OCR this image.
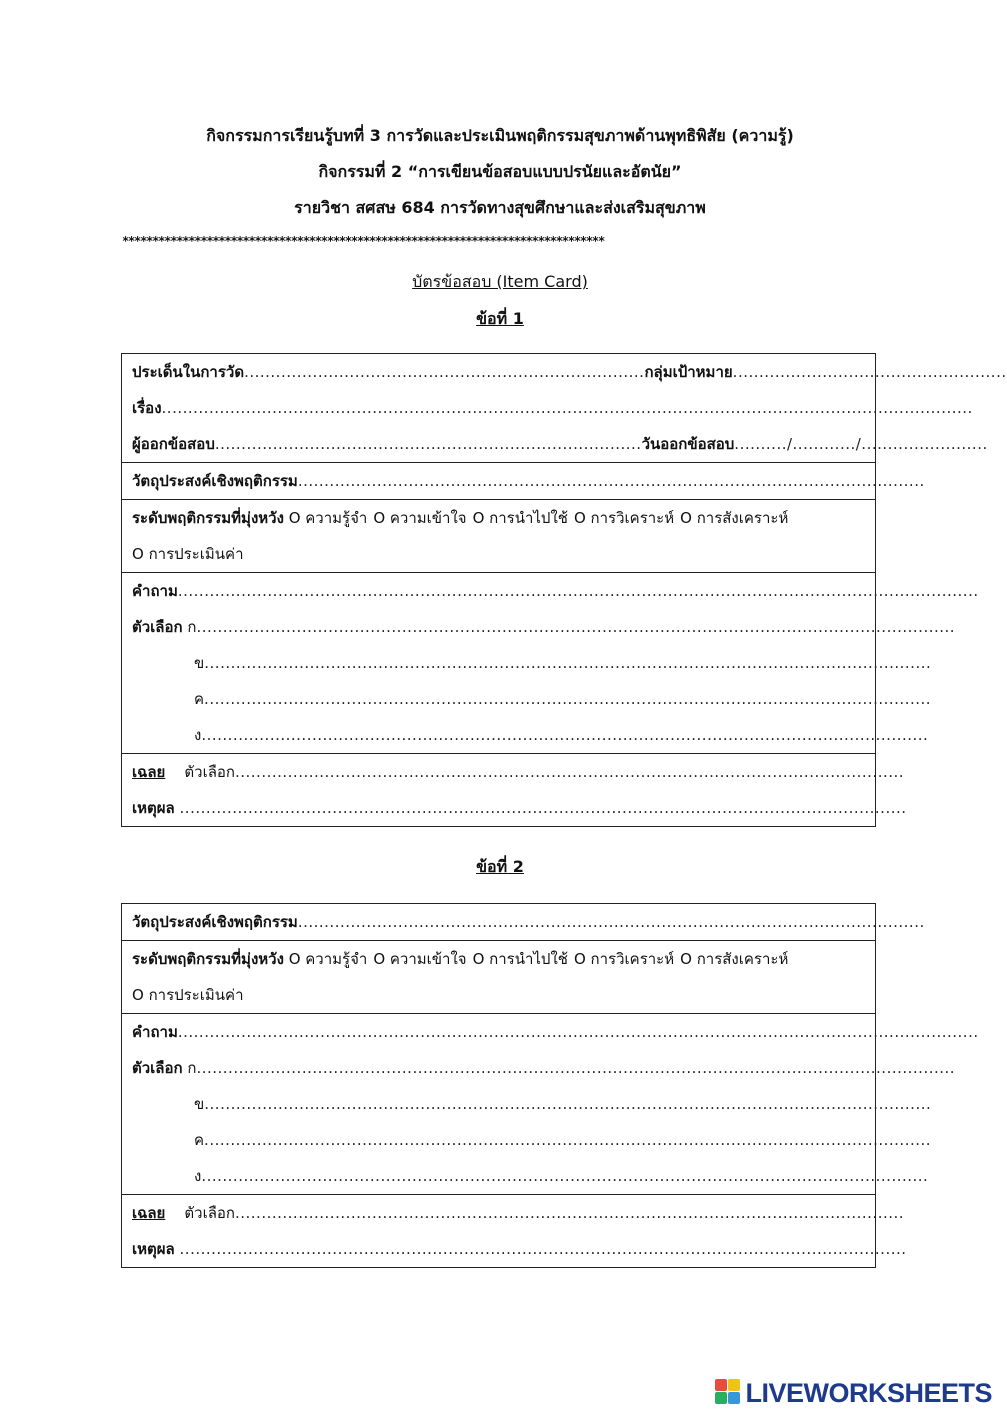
กิจกรรมการเรียนรู้บทที่ 3 การวัดและประเมินพฤติกรรมสุขภาพด้านพุทธิพิสัย (ความรู้)
กิจกรรมที่ 2 “การเขียนข้อสอบแบบปรนัยและอัตนัย”
รายวิชา สศสษ 684 การวัดทางสุขศึกษาและส่งเสริมสุขภาพ
********************************************************************************
บัตรข้อสอบ (Item Card)
ข้อที่ 1
ประเด็นในการวัด............................................................................กลุ่มเป้าหมาย....................................................
เรื่อง..........................................................................................................................................................
ผู้ออกข้อสอบ.................................................................................วันออกข้อสอบ........../............/........................
วัตถุประสงค์เชิงพฤติกรรม.......................................................................................................................
ระดับพฤติกรรมที่มุ่งหวัง O ความรู้จำ O ความเข้าใจ O การนำไปใช้ O การวิเคราะห์ O การสังเคราะห์
O การประเมินค่า
คำถาม........................................................................................................................................................
ตัวเลือก ก................................................................................................................................................
ข..........................................................................................................................................
ค..........................................................................................................................................
ง..........................................................................................................................................
เฉลย ตัวเลือก...............................................................................................................................
เหตุผล ..........................................................................................................................................
ข้อที่ 2
วัตถุประสงค์เชิงพฤติกรรม.......................................................................................................................
ระดับพฤติกรรมที่มุ่งหวัง O ความรู้จำ O ความเข้าใจ O การนำไปใช้ O การวิเคราะห์ O การสังเคราะห์
O การประเมินค่า
คำถาม........................................................................................................................................................
ตัวเลือก ก................................................................................................................................................
ข..........................................................................................................................................
ค..........................................................................................................................................
ง..........................................................................................................................................
เฉลย ตัวเลือก...............................................................................................................................
เหตุผล ..........................................................................................................................................
LIVEWORKSHEETS
